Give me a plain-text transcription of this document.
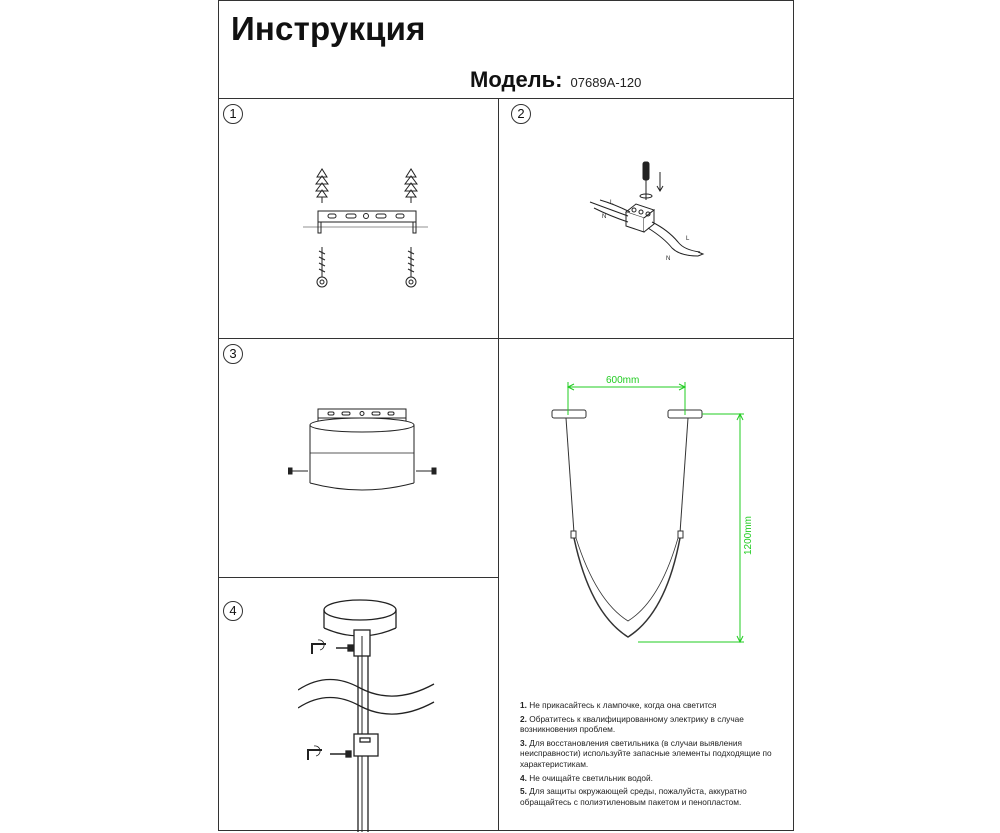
Инструкция
Модель: 07689A-120
1	2
3
4
L
N
L
N
600mm
1200mm
1. Не прикасайтесь к лампочке, когда она светится
2. Обратитесь к квалифицированному электрику в случае возникновения проблем.
3. Для восстановления светильника (в случаи выявления неисправности) используйте запасные элементы подходящие по характеристикам.
4. Не очищайте светильник водой.
5. Для защиты окружающей среды, пожалуйста, аккуратно обращайтесь с полиэтиленовым пакетом и пенопластом.
